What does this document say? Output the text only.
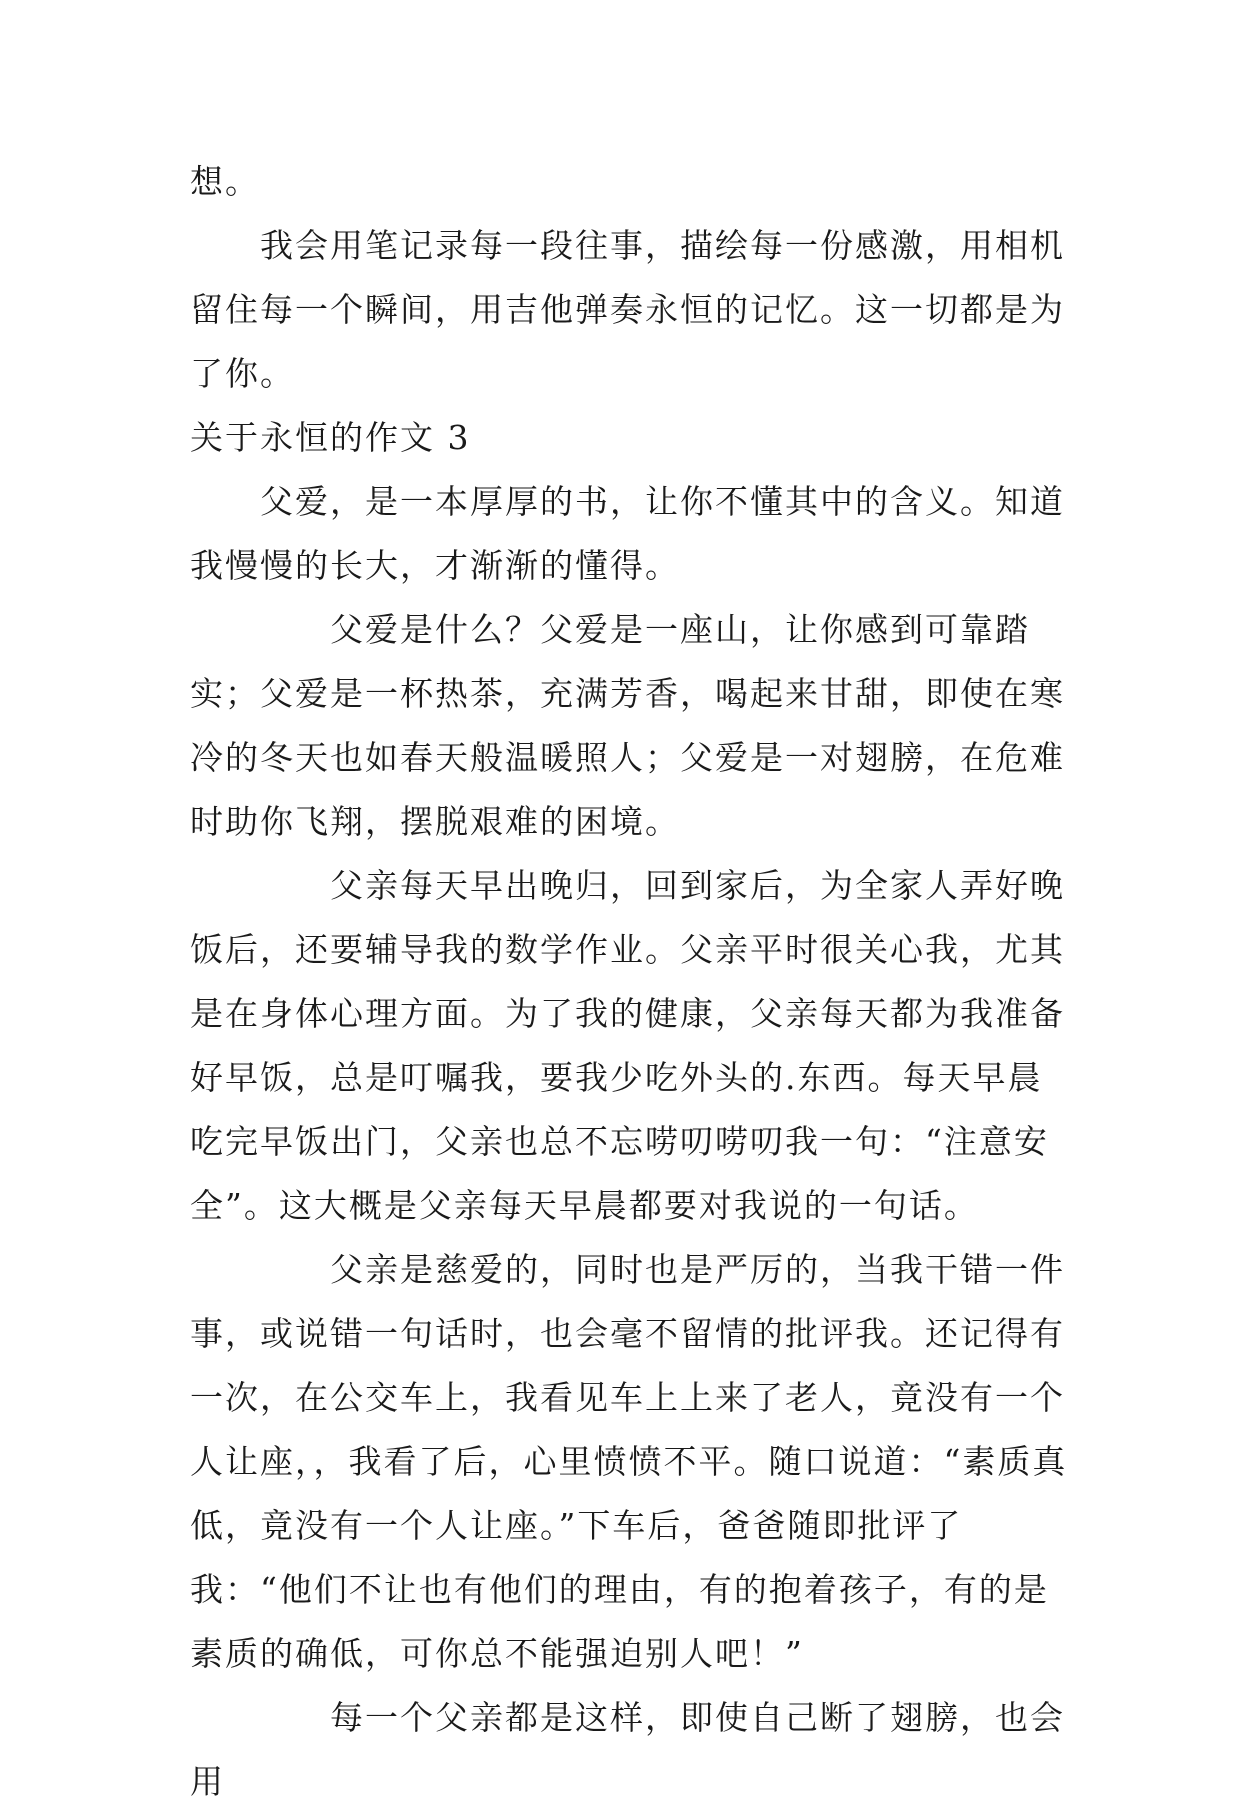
想。

　　我会用笔记录每一段往事，描绘每一份感激，用相机留住每一个瞬间，用吉他弹奏永恒的记忆。这一切都是为了你。

关于永恒的作文 3

　　父爱，是一本厚厚的书，让你不懂其中的含义。知道我慢慢的长大，才渐渐的懂得。

　　　　父爱是什么？父爱是一座山，让你感到可靠踏实；父爱是一杯热茶，充满芳香，喝起来甘甜，即使在寒冷的冬天也如春天般温暖照人；父爱是一对翅膀，在危难时助你飞翔，摆脱艰难的困境。

　　　　父亲每天早出晚归，回到家后，为全家人弄好晚饭后，还要辅导我的数学作业。父亲平时很关心我，尤其是在身体心理方面。为了我的健康，父亲每天都为我准备好早饭，总是叮嘱我，要我少吃外头的.东西。每天早晨吃完早饭出门，父亲也总不忘唠叨唠叨我一句：“注意安全”。这大概是父亲每天早晨都要对我说的一句话。

　　　　父亲是慈爱的，同时也是严厉的，当我干错一件事，或说错一句话时，也会毫不留情的批评我。还记得有一次，在公交车上，我看见车上上来了老人，竟没有一个人让座，，我看了后，心里愤愤不平。随口说道：“素质真低，竟没有一个人让座。”下车后，爸爸随即批评了我：“他们不让也有他们的理由，有的抱着孩子，有的是素质的确低，可你总不能强迫别人吧！”

　　　　每一个父亲都是这样，即使自己断了翅膀，也会用
